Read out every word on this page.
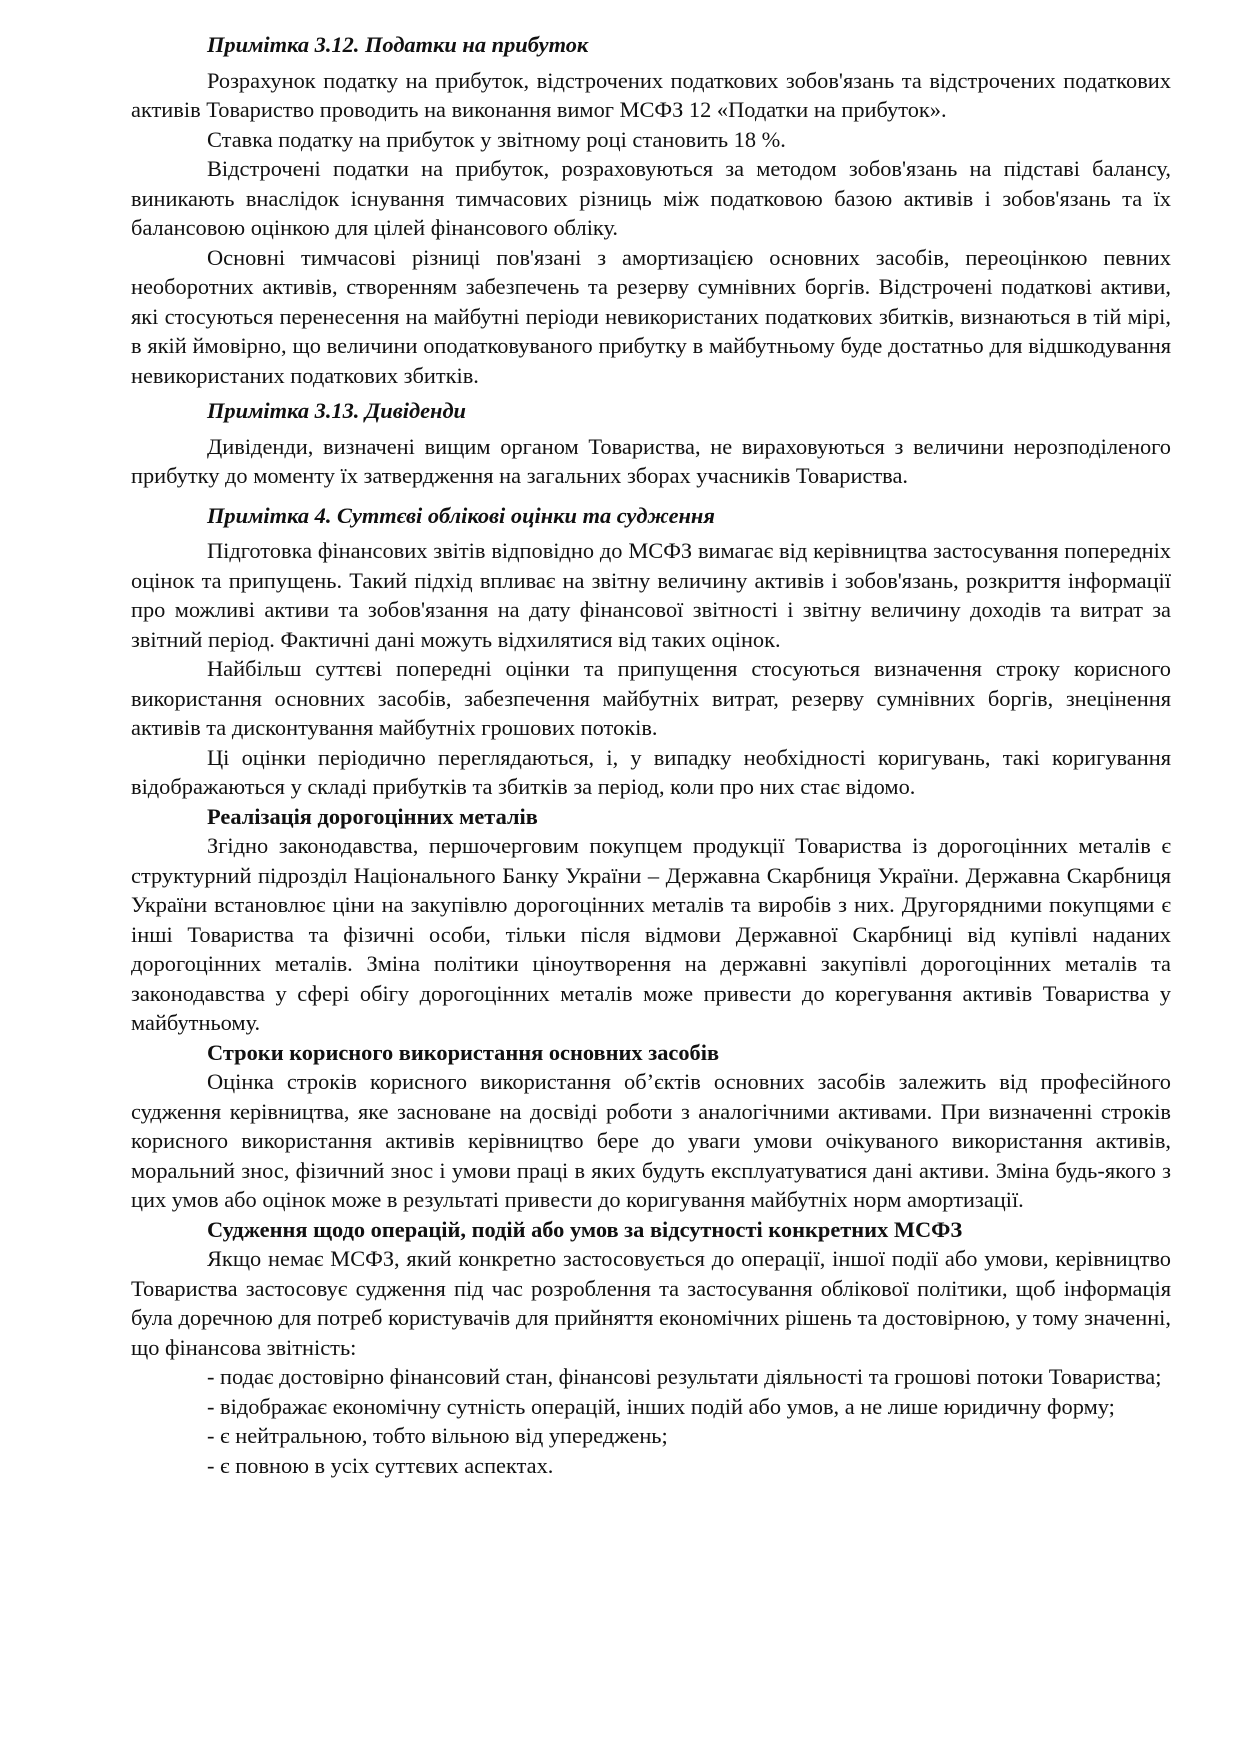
Примітка 3.12. Податки на прибуток

Розрахунок податку на прибуток, відстрочених податкових зобов'язань та відстрочених податкових активів Товариство проводить на виконання вимог МСФЗ 12 «Податки на прибуток».

Ставка податку на прибуток у звітному році становить 18 %.

Відстрочені податки на прибуток, розраховуються за методом зобов'язань на підставі балансу, виникають внаслідок існування тимчасових різниць між податковою базою активів і зобов'язань та їх балансовою оцінкою для цілей фінансового обліку.

Основні тимчасові різниці пов'язані з амортизацією основних засобів, переоцінкою певних необоротних активів, створенням забезпечень та резерву сумнівних боргів. Відстрочені податкові активи, які стосуються перенесення на майбутні періоди невикористаних податкових збитків, визнаються в тій мірі, в якій ймовірно, що величини оподатковуваного прибутку в майбутньому буде достатньо для відшкодування невикористаних податкових збитків.

Примітка 3.13. Дивіденди

Дивіденди, визначені вищим органом Товариства, не вираховуються з величини нерозподіленого прибутку до моменту їх затвердження на загальних зборах учасників Товариства.

Примітка 4. Суттєві облікові оцінки та судження

Підготовка фінансових звітів відповідно до МСФЗ вимагає від керівництва застосування попередніх оцінок та припущень. Такий підхід впливає на звітну величину активів і зобов'язань, розкриття інформації про можливі активи та зобов'язання на дату фінансової звітності і звітну величину доходів та витрат за звітний період. Фактичні дані можуть відхилятися від таких оцінок.

Найбільш суттєві попередні оцінки та припущення стосуються визначення строку корисного використання основних засобів, забезпечення майбутніх витрат, резерву сумнівних боргів, знецінення активів та дисконтування майбутніх грошових потоків.

Ці оцінки періодично переглядаються, і, у випадку необхідності коригувань, такі коригування відображаються у складі прибутків та збитків за період, коли про них стає відомо.

Реалізація дорогоцінних металів

Згідно законодавства, першочерговим покупцем продукції Товариства із дорогоцінних металів є структурний підрозділ Національного Банку України – Державна Скарбниця України. Державна Скарбниця України встановлює ціни на закупівлю дорогоцінних металів та виробів з них. Другорядними покупцями є інші Товариства та фізичні особи, тільки після відмови Державної Скарбниці від купівлі наданих дорогоцінних металів. Зміна політики ціноутворення на державні закупівлі дорогоцінних металів та законодавства у сфері обігу дорогоцінних металів може привести до корегування активів Товариства у майбутньому.

Строки корисного використання основних засобів

Оцінка строків корисного використання об’єктів основних засобів залежить від професійного судження керівництва, яке засноване на досвіді роботи з аналогічними активами. При визначенні строків корисного використання активів керівництво бере до уваги умови очікуваного використання активів, моральний знос, фізичний знос і умови праці в яких будуть експлуатуватися дані активи. Зміна будь-якого з цих умов або оцінок може в результаті привести до коригування майбутніх норм амортизації.

Судження щодо операцій, подій або умов за відсутності конкретних МСФЗ

Якщо немає МСФЗ, який конкретно застосовується до операції, іншої події або умови, керівництво Товариства застосовує судження під час розроблення та застосування облікової політики, щоб інформація була доречною для потреб користувачів для прийняття економічних рішень та достовірною, у тому значенні, що фінансова звітність:

- подає достовірно фінансовий стан, фінансові результати діяльності та грошові потоки Товариства;

- відображає економічну сутність операцій, інших подій або умов, а не лише юридичну форму;

- є нейтральною, тобто вільною від упереджень;

- є повною в усіх суттєвих аспектах.
